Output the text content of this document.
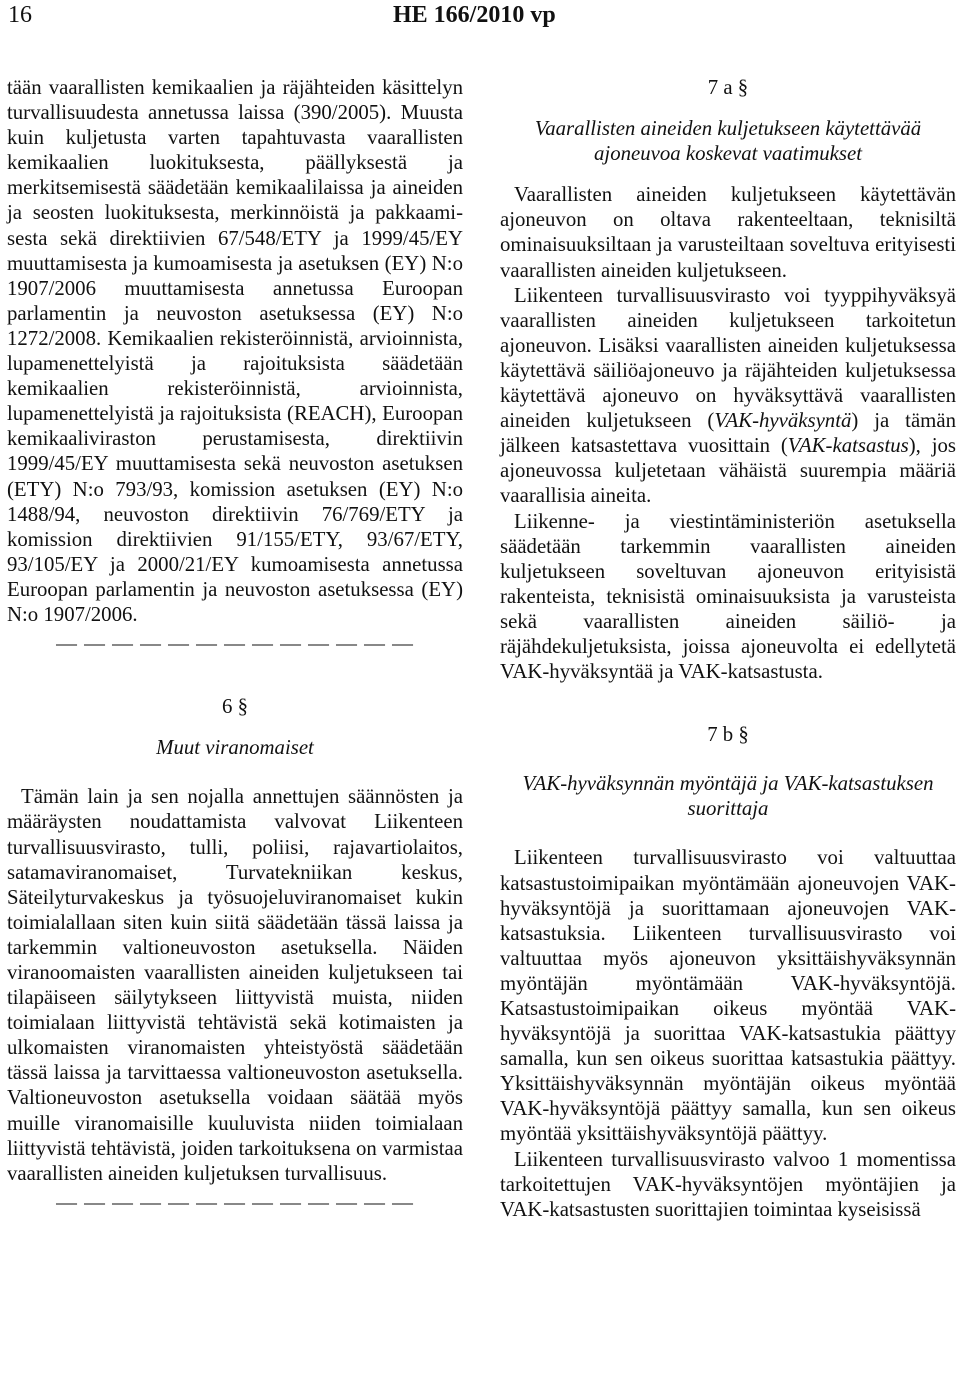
16	HE 166/2010 vp

tään vaarallisten kemikaalien ja räjähteiden käsittelyn turvallisuudesta annetussa laissa (390/2005). Muusta kuin kuljetusta varten tapahtuvasta vaarallisten kemikaalien luokituksesta, päällyksestä ja merkitsemisestä säädetään kemikaalilaissa ja aineiden ja seosten luokituksesta, merkinnöistä ja pakkaamisesta sekä direktiivien 67/548/ETY ja 1999/45/EY muuttamisesta ja kumoamisesta ja asetuksen (EY) N:o 1907/2006 muuttamisesta annetussa Euroopan parlamentin ja neuvoston asetuksessa (EY) N:o 1272/2008. Kemikaalien rekisteröinnistä, arvioinnista, lupamenettelyistä ja rajoituksista säädetään kemikaalien rekisteröinnistä, arvioinnista, lupamenettelyistä ja rajoituksista (REACH), Euroopan kemikaaliviraston perustamisesta, direktiivin 1999/45/EY muuttamisesta sekä neuvoston asetuksen (ETY) N:o 793/93, komission asetuksen (EY) N:o 1488/94, neuvoston direktiivin 76/769/ETY ja komission direktiivien 91/155/ETY, 93/67/ETY, 93/105/EY ja 2000/21/EY kumoamisesta annetussa Euroopan parlamentin ja neuvoston asetuksessa (EY) N:o 1907/2006.

— — — — — — — — — — — — —

6 §

Muut viranomaiset

Tämän lain ja sen nojalla annettujen säännösten ja määräysten noudattamista valvovat Liikenteen turvallisuusvirasto, tulli, poliisi, rajavartiolaitos, satamaviranomaiset, Turvatekniikan keskus, Säteilyturvakeskus ja työsuojeluviranomaiset kukin toimialallaan siten kuin siitä säädetään tässä laissa ja tarkemmin valtioneuvoston asetuksella. Näiden viranoomaisten vaarallisten aineiden kuljetukseen tai tilapäiseen säilytykseen liittyvistä muista, niiden toimialaan liittyvistä tehtävistä sekä kotimaisten ja ulkomaisten viranomaisten yhteistyöstä säädetään tässä laissa ja tarvittaessa valtioneuvoston asetuksella. Valtioneuvoston asetuksella voidaan säätää myös muille viranomaisille kuuluvista niiden toimialaan liittyvistä tehtävistä, joiden tarkoituksena on varmistaa vaarallisten aineiden kuljetuksen turvallisuus.

— — — — — — — — — — — — —

7 a §

Vaarallisten aineiden kuljetukseen käytettävää ajoneuvoa koskevat vaatimukset

Vaarallisten aineiden kuljetukseen käytettävän ajoneuvon on oltava rakenteeltaan, teknisiltä ominaisuuksiltaan ja varusteiltaan soveltuva erityisesti vaarallisten aineiden kuljetukseen.

Liikenteen turvallisuusvirasto voi tyyppihyväksyä vaarallisten aineiden kuljetukseen tarkoitetun ajoneuvon. Lisäksi vaarallisten aineiden kuljetuksessa käytettävä säiliöajoneuvo ja räjähteiden kuljetuksessa käytettävä ajoneuvo on hyväksyttävä vaarallisten aineiden kuljetukseen (VAK-hyväksyntä) ja tämän jälkeen katsastettava vuosittain (VAK-katsastus), jos ajoneuvossa kuljetetaan vähäistä suurempia määriä vaarallisia aineita.

Liikenne- ja viestintäministeriön asetuksella säädetään tarkemmin vaarallisten aineiden kuljetukseen soveltuvan ajoneuvon erityisistä rakenteista, teknisistä ominaisuuksista ja varusteista sekä vaarallisten aineiden säiliö- ja räjähdekuljetuksista, joissa ajoneuvolta ei edellytetä VAK-hyväksyntää ja VAK-katsastusta.

7 b §

VAK-hyväksynnän myöntäjä ja VAK-katsastuksen suorittaja

Liikenteen turvallisuusvirasto voi valtuuttaa katsastustoimipaikan myöntämään ajoneuvojen VAK-hyväksyntöjä ja suorittamaan ajoneuvojen VAK-katsastuksia. Liikenteen turvallisuusvirasto voi valtuuttaa myös ajoneuvon yksittäishyväksynnän myöntäjän myöntämään VAK-hyväksyntöjä. Katsastustoimipaikan oikeus myöntää VAK-hyväksyntöjä ja suorittaa VAK-katsastukia päättyy samalla, kun sen oikeus suorittaa katsastukia päättyy. Yksittäishyväksynnän myöntäjän oikeus myöntää VAK-hyväksyntöjä päättyy samalla, kun sen oikeus myöntää yksittäishyväksyntöjä päättyy.

Liikenteen turvallisuusvirasto valvoo 1 momentissa tarkoitettujen VAK-hyväksyntöjen myöntäjien ja VAK-katsastusten suorittajien toimintaa kyseisissä
